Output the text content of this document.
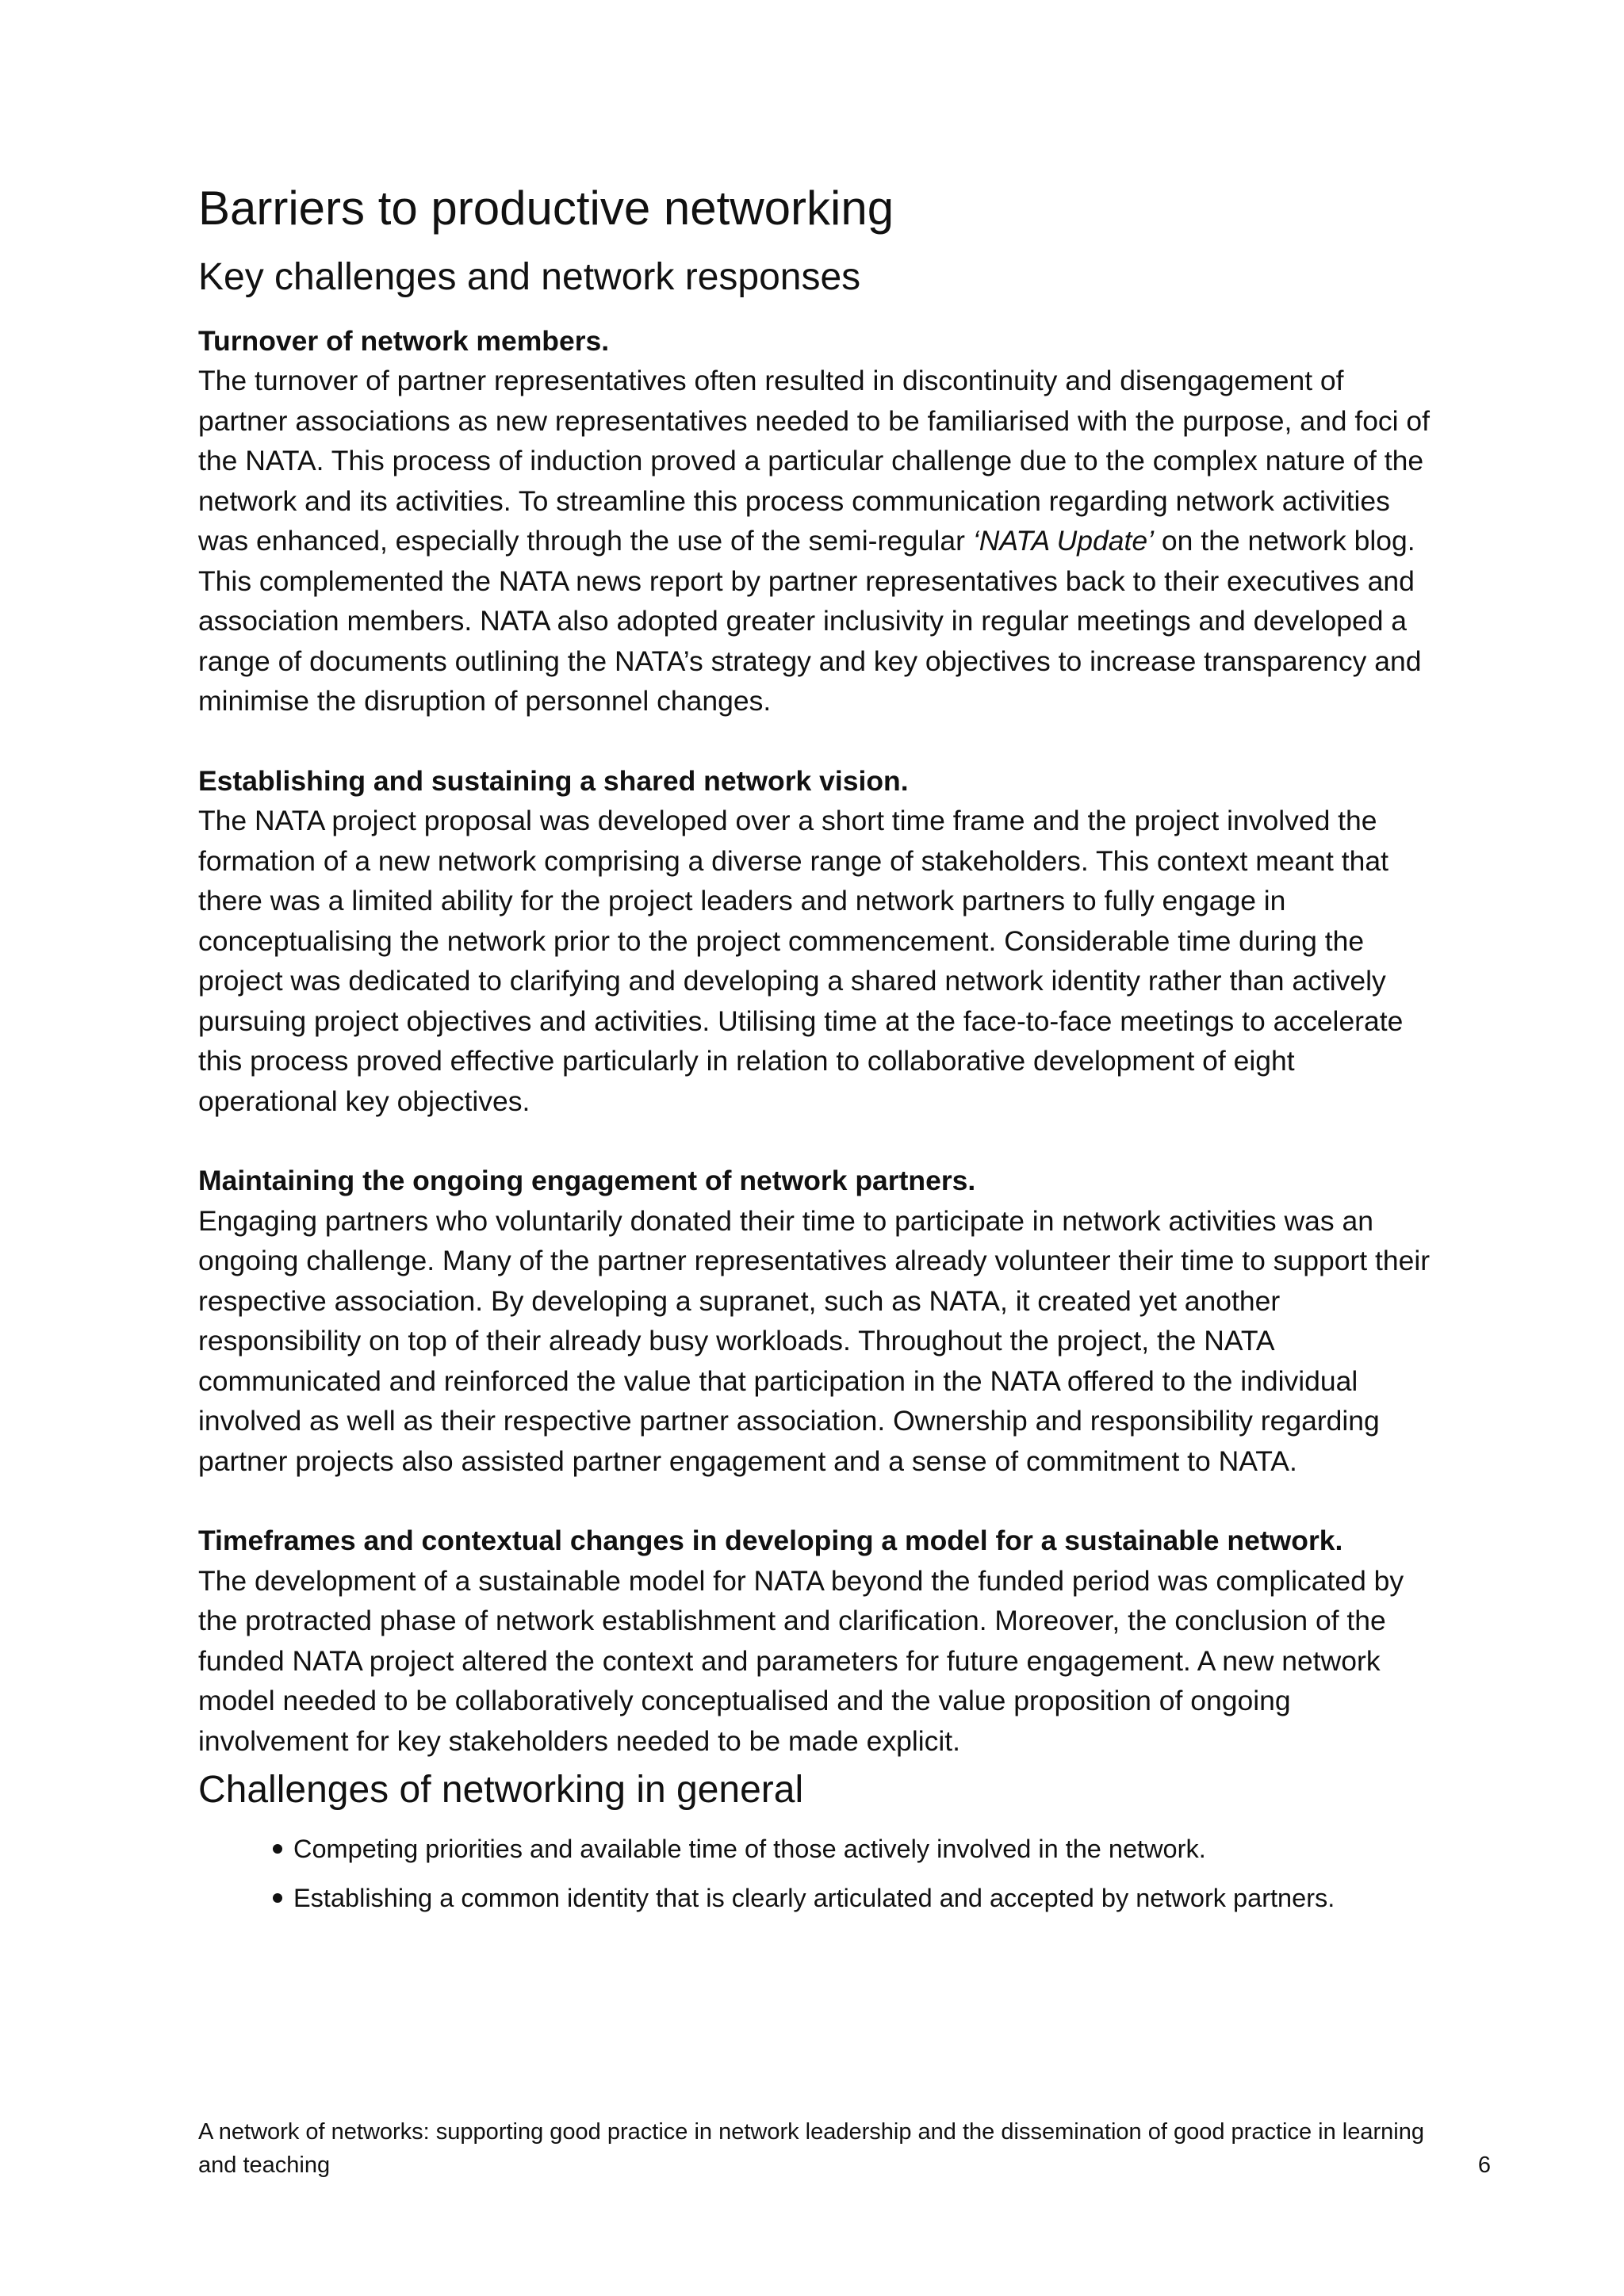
Barriers to productive networking
Key challenges and network responses

Turnover of network members.

The turnover of partner representatives often resulted in discontinuity and disengagement of partner associations as new representatives needed to be familiarised with the purpose, and foci of the NATA. This process of induction proved a particular challenge due to the complex nature of the network and its activities. To streamline this process communication regarding network activities was enhanced, especially through the use of the semi-regular ‘NATA Update’ on the network blog. This complemented the NATA news report by partner representatives back to their executives and association members. NATA also adopted greater inclusivity in regular meetings and developed a range of documents outlining the NATA’s strategy and key objectives to increase transparency and minimise the disruption of personnel changes.

Establishing and sustaining a shared network vision.

The NATA project proposal was developed over a short time frame and the project involved the formation of a new network comprising a diverse range of stakeholders. This context meant that there was a limited ability for the project leaders and network partners to fully engage in conceptualising the network prior to the project commencement. Considerable time during the project was dedicated to clarifying and developing a shared network identity rather than actively pursuing project objectives and activities. Utilising time at the face-to-face meetings to accelerate this process proved effective particularly in relation to collaborative development of eight operational key objectives.

Maintaining the ongoing engagement of network partners.

Engaging partners who voluntarily donated their time to participate in network activities was an ongoing challenge. Many of the partner representatives already volunteer their time to support their respective association. By developing a supranet, such as NATA, it created yet another responsibility on top of their already busy workloads. Throughout the project, the NATA communicated and reinforced the value that participation in the NATA offered to the individual involved as well as their respective partner association. Ownership and responsibility regarding partner projects also assisted partner engagement and a sense of commitment to NATA.

Timeframes and contextual changes in developing a model for a sustainable network.

The development of a sustainable model for NATA beyond the funded period was complicated by the protracted phase of network establishment and clarification. Moreover, the conclusion of the funded NATA project altered the context and parameters for future engagement. A new network model needed to be collaboratively conceptualised and the value proposition of ongoing involvement for key stakeholders needed to be made explicit.

Challenges of networking in general
Competing priorities and available time of those actively involved in the network.
Establishing a common identity that is clearly articulated and accepted by network partners.
A network of networks: supporting good practice in network leadership and the dissemination of good practice in learning and teaching	6
